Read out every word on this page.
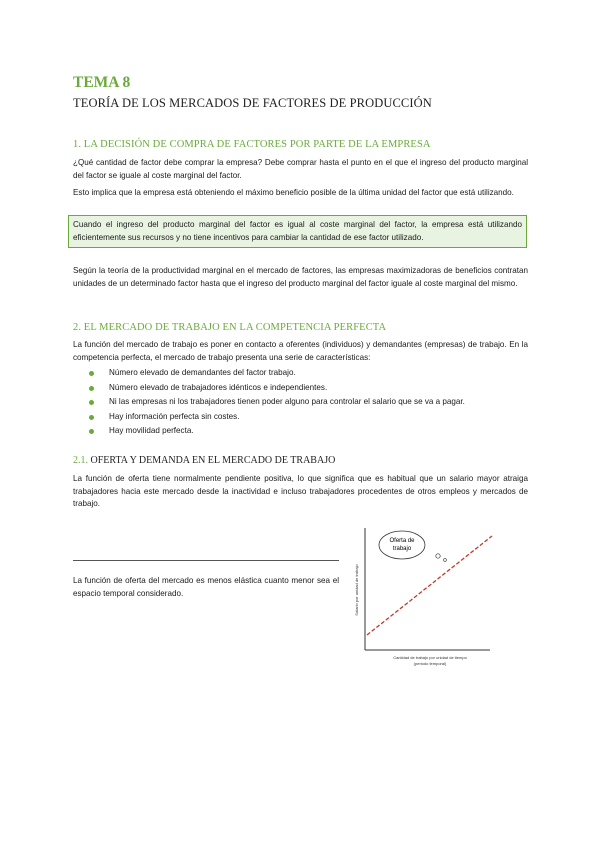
TEMA 8
TEORÍA DE LOS MERCADOS DE FACTORES DE PRODUCCIÓN
1. LA DECISIÓN DE COMPRA DE FACTORES POR PARTE DE LA EMPRESA
¿Qué cantidad de factor debe comprar la empresa? Debe comprar hasta el punto en el que el ingreso del producto marginal del factor se iguale al coste marginal del factor.
Esto implica que la empresa está obteniendo el máximo beneficio posible de la última unidad del factor que está utilizando.
Cuando el ingreso del producto marginal del factor es igual al coste marginal del factor, la empresa está utilizando eficientemente sus recursos y no tiene incentivos para cambiar la cantidad de ese factor utilizado.
Según la teoría de la productividad marginal en el mercado de factores, las empresas maximizadoras de beneficios contratan unidades de un determinado factor hasta que el ingreso del producto marginal del factor iguale al coste marginal del mismo.
2. EL MERCADO DE TRABAJO EN LA COMPETENCIA PERFECTA
La función del mercado de trabajo es poner en contacto a oferentes (individuos) y demandantes (empresas) de trabajo. En la competencia perfecta, el mercado de trabajo presenta una serie de características:
Número elevado de demandantes del factor trabajo.
Número elevado de trabajadores idénticos e independientes.
Ni las empresas ni los trabajadores tienen poder alguno para controlar el salario que se va a pagar.
Hay información perfecta sin costes.
Hay movilidad perfecta.
2.1. OFERTA Y DEMANDA EN EL MERCADO DE TRABAJO
La función de oferta tiene normalmente pendiente positiva, lo que significa que es habitual que un salario mayor atraiga trabajadores hacia este mercado desde la inactividad e incluso trabajadores procedentes de otros empleos y mercados de trabajo.
La función de oferta del mercado es menos elástica cuanto menor sea el espacio temporal considerado.
Oferta de
trabajo
Salario por unidad de trabajo
Cantidad de trabajo por unidad de tiempo
(periodo temporal)
